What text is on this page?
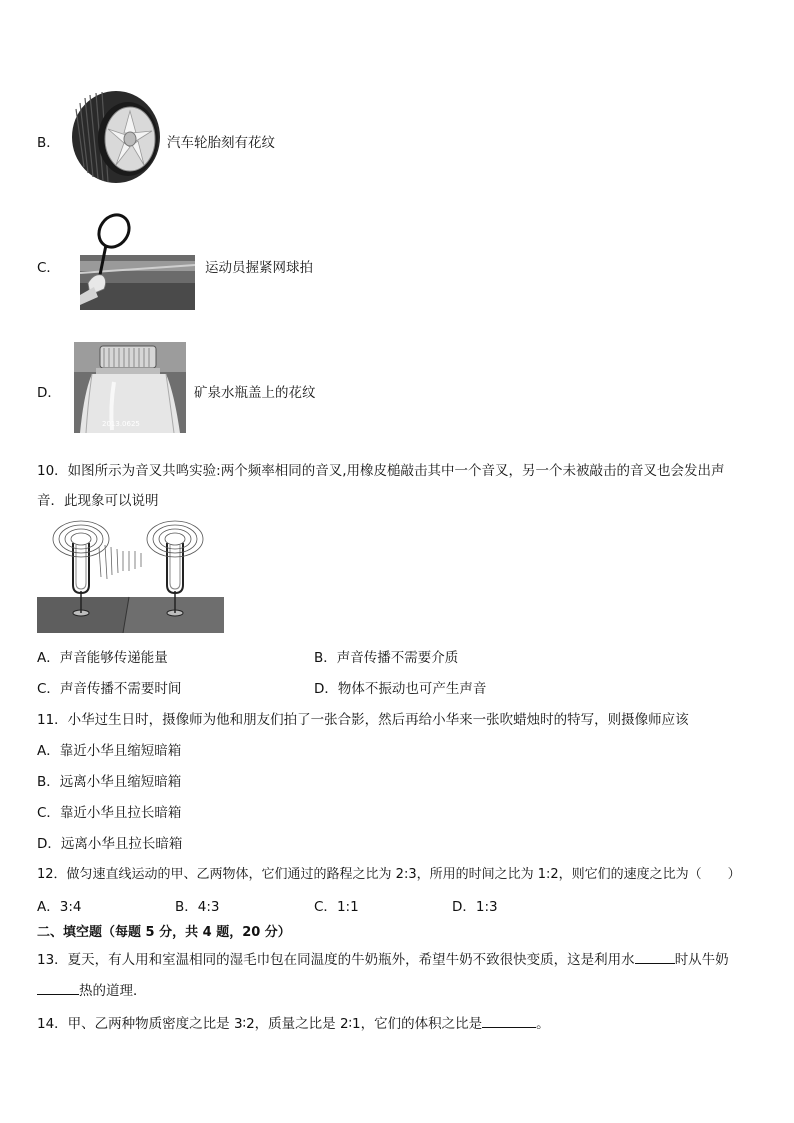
B．	汽车轮胎刻有花纹
C．	运动员握紧网球拍
D．
2013.0625
矿泉水瓶盖上的花纹
10．如图所示为音叉共鸣实验:两个频率相同的音叉,用橡皮槌敲击其中一个音叉，另一个未被敲击的音叉也会发出声
音．此现象可以说明
A．声音能够传递能量	B．声音传播不需要介质
C．声音传播不需要时间	D．物体不振动也可产生声音
11．小华过生日时，摄像师为他和朋友们拍了一张合影，然后再给小华来一张吹蜡烛时的特写，则摄像师应该
A．靠近小华且缩短暗箱
B．远离小华且缩短暗箱
C．靠近小华且拉长暗箱
D．远离小华且拉长暗箱
12．做匀速直线运动的甲、乙两物体，它们通过的路程之比为 2:3，所用的时间之比为 1:2，则它们的速度之比为（　　）
A．3:4	B．4:3	C．1:1	D．1:3
二、填空题（每题 5 分，共 4 题，20 分）
13．夏天，有人用和室温相同的湿毛巾包在同温度的牛奶瓶外，希望牛奶不致很快变质，这是利用水	时从牛奶
热的道理．
14．甲、乙两种物质密度之比是 3∶2，质量之比是 2∶1，它们的体积之比是	。
